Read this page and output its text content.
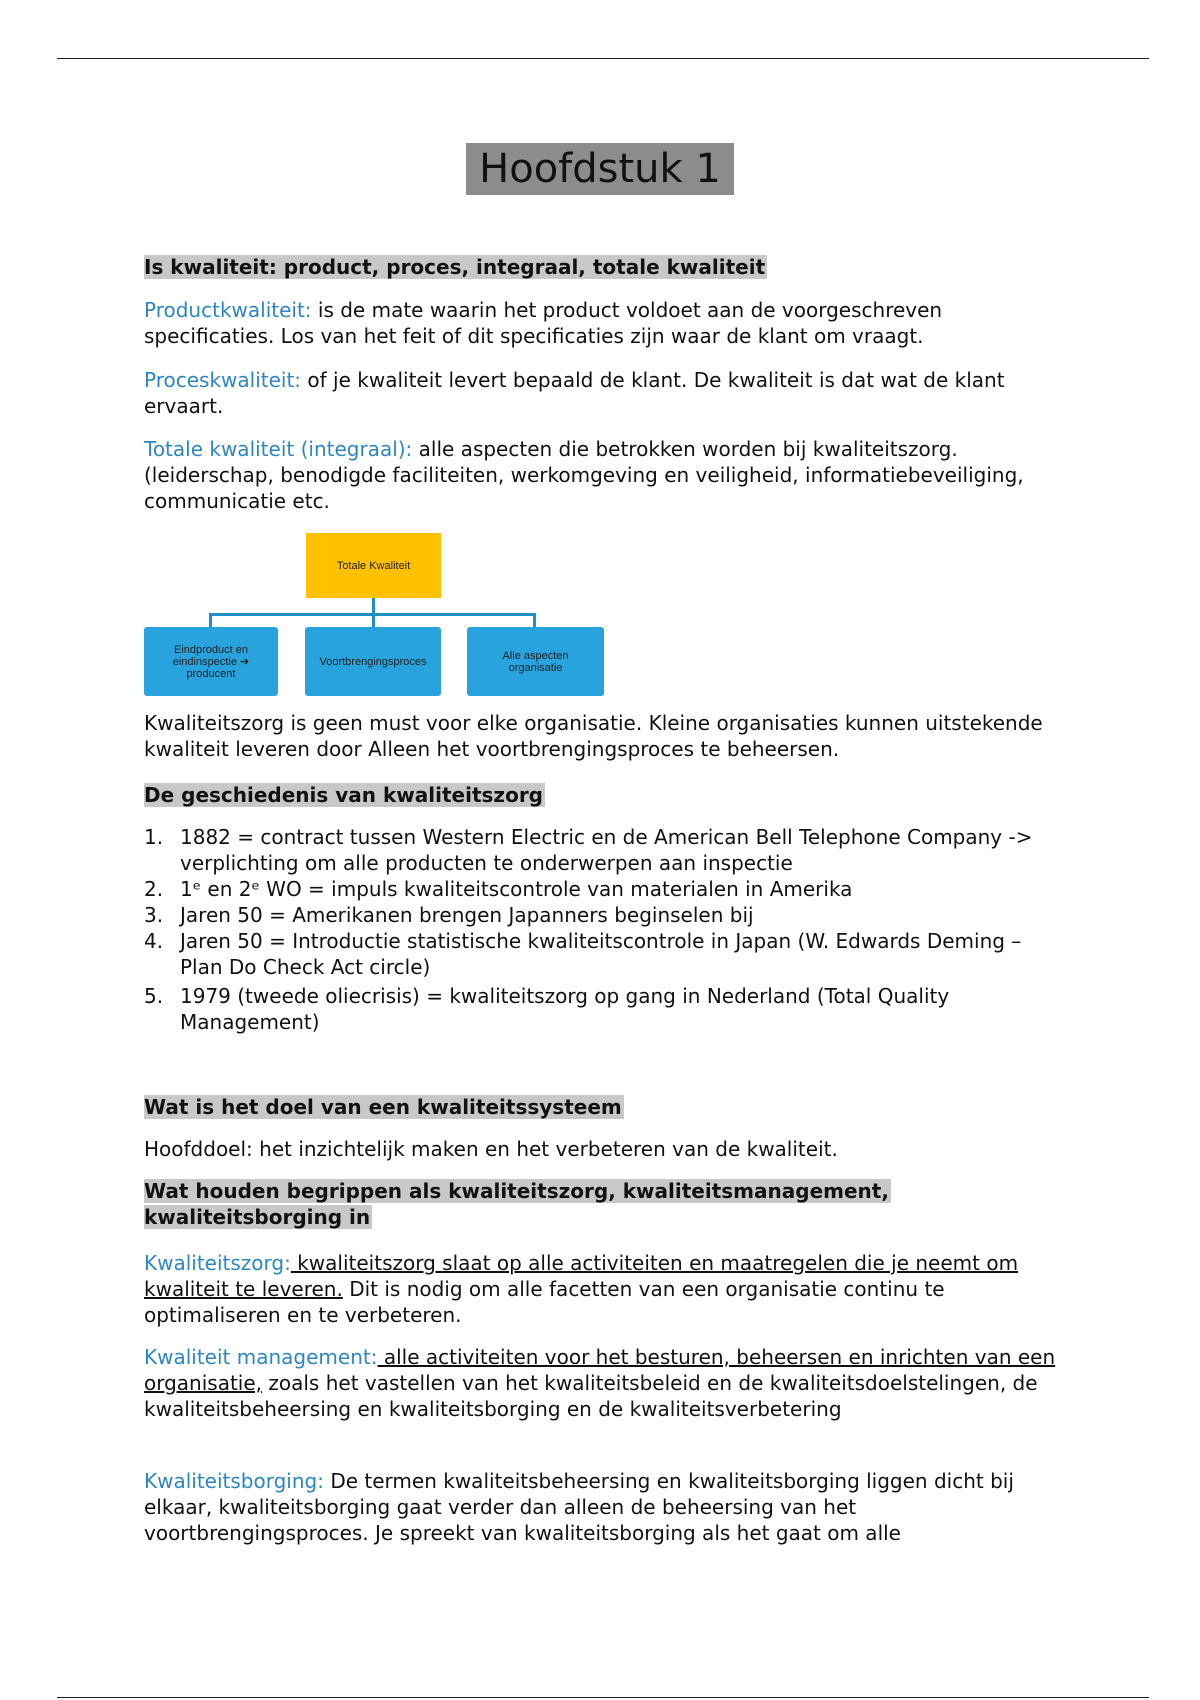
Hoofdstuk 1
Is kwaliteit: product, proces, integraal, totale kwaliteit
Productkwaliteit: is de mate waarin het product voldoet aan de voorgeschreven specificaties. Los van het feit of dit specificaties zijn waar de klant om vraagt.
Proceskwaliteit: of je kwaliteit levert bepaald de klant. De kwaliteit is dat wat de klant ervaart.
Totale kwaliteit (integraal): alle aspecten die betrokken worden bij kwaliteitszorg. (leiderschap, benodigde faciliteiten, werkomgeving en veiligheid, informatiebeveiliging, communicatie etc.
Totale Kwaliteit
Eindproduct en eindinspectie ➔ producent
Voortbrengingsproces	Alle aspecten organisatie
Kwaliteitszorg is geen must voor elke organisatie. Kleine organisaties kunnen uitstekende kwaliteit leveren door Alleen het voortbrengingsproces te beheersen.
De geschiedenis van kwaliteitszorg
1. 1882 = contract tussen Western Electric en de American Bell Telephone Company -> verplichting om alle producten te onderwerpen aan inspectie
2. 1ᵉ en 2ᵉ WO = impuls kwaliteitscontrole van materialen in Amerika
3. Jaren 50 = Amerikanen brengen Japanners beginselen bij
4. Jaren 50 = Introductie statistische kwaliteitscontrole in Japan (W. Edwards Deming – Plan Do Check Act circle)
5. 1979 (tweede oliecrisis) = kwaliteitszorg op gang in Nederland (Total Quality Management)
Wat is het doel van een kwaliteitssysteem
Hoofddoel: het inzichtelijk maken en het verbeteren van de kwaliteit.
Wat houden begrippen als kwaliteitszorg, kwaliteitsmanagement, kwaliteitsborging in
Kwaliteitszorg: kwaliteitszorg slaat op alle activiteiten en maatregelen die je neemt om kwaliteit te leveren. Dit is nodig om alle facetten van een organisatie continu te optimaliseren en te verbeteren.
Kwaliteit management: alle activiteiten voor het besturen, beheersen en inrichten van een organisatie, zoals het vastellen van het kwaliteitsbeleid en de kwaliteitsdoelstelingen, de kwaliteitsbeheersing en kwaliteitsborging en de kwaliteitsverbetering
Kwaliteitsborging: De termen kwaliteitsbeheersing en kwaliteitsborging liggen dicht bij elkaar, kwaliteitsborging gaat verder dan alleen de beheersing van het voortbrengingsproces. Je spreekt van kwaliteitsborging als het gaat om alle
